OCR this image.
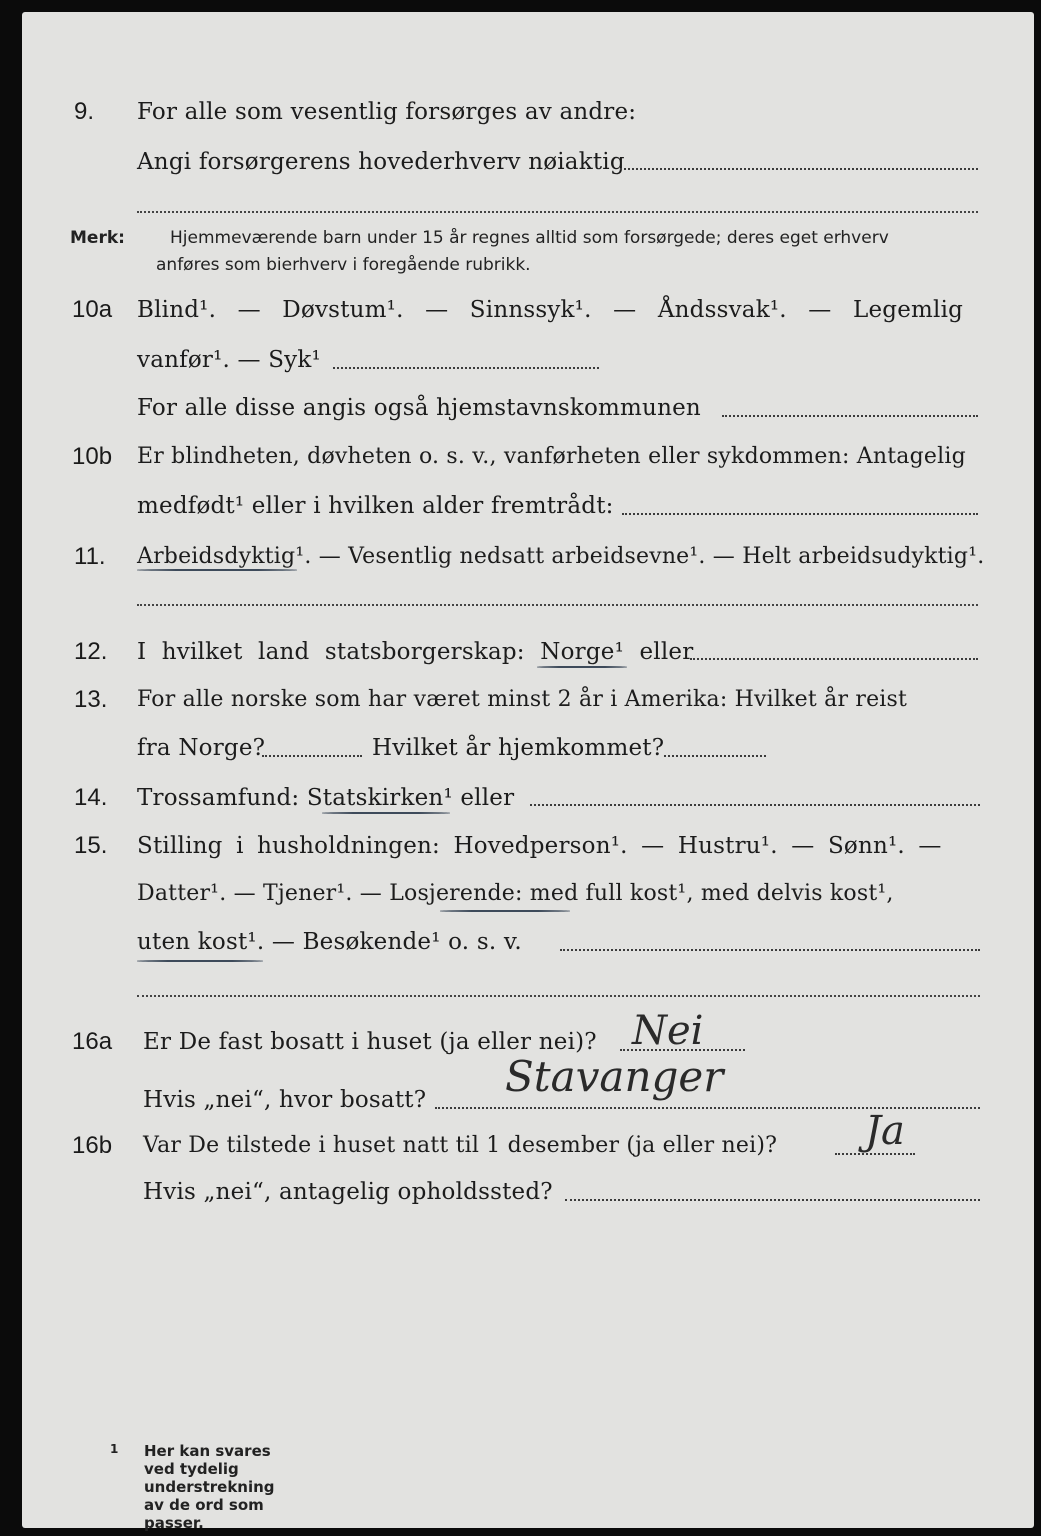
9.	For alle som vesentlig forsørges av andre:
Angi forsørgerens hovederhverv nøiaktig
Merk:	Hjemmeværende barn under 15 år regnes alltid som forsørgede; deres eget erhverv
anføres som bierhverv i foregående rubrikk.
10a	Blind¹. — Døvstum¹. — Sinnssyk¹. — Åndssvak¹. — Legemlig
vanfør¹. — Syk¹
For alle disse angis også hjemstavnskommunen
10b	Er blindheten, døvheten o. s. v., vanførheten eller sykdommen: Antagelig
medfødt¹ eller i hvilken alder fremtrådt:
11.	Arbeidsdyktig¹. — Vesentlig nedsatt arbeidsevne¹. — Helt arbeidsudyktig¹.
12.	I hvilket land statsborgerskap: Norge¹ eller
13.	For alle norske som har været minst 2 år i Amerika: Hvilket år reist
fra Norge?	Hvilket år hjemkommet?
14.	Trossamfund: Statskirken¹ eller
15.	Stilling i husholdningen: Hovedperson¹. — Hustru¹. — Sønn¹. —
Datter¹. — Tjener¹. — Losjerende: med full kost¹, med delvis kost¹,
uten kost¹. — Besøkende¹ o. s. v.
16a	Er De fast bosatt i huset (ja eller nei)? Nei
Hvis „nei“, hvor bosatt? Stavanger
16b	Var De tilstede i huset natt til 1 desember (ja eller nei)? Ja
Hvis „nei“, antagelig opholdssted?
1 Her kan svares ved tydelig understrekning av de ord som passer.
